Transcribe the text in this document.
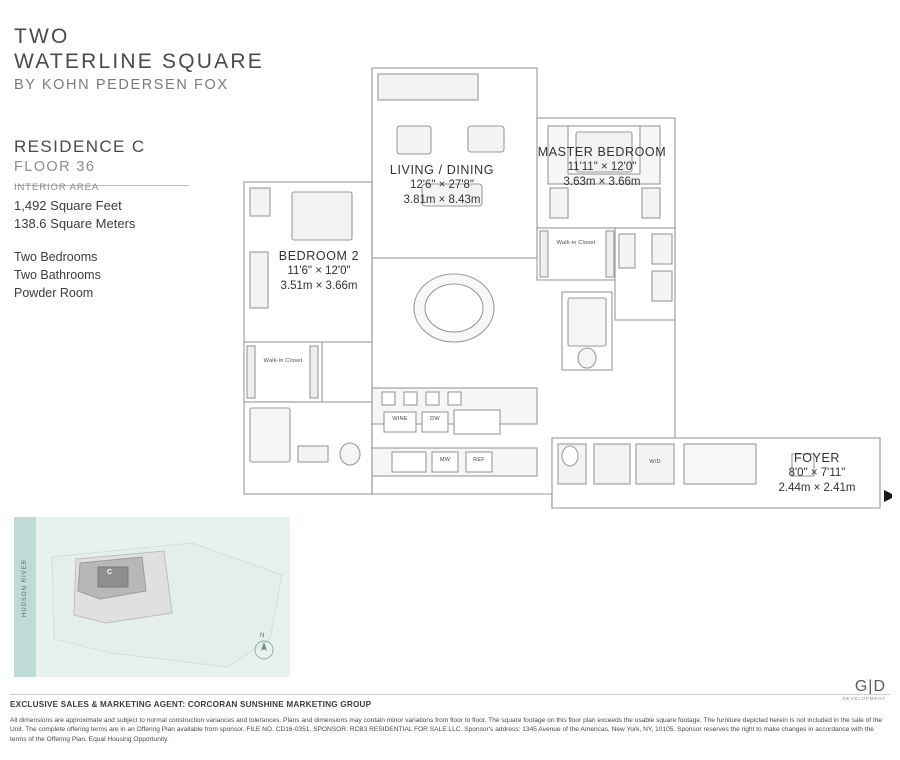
TWO
WATERLINE SQUARE
BY KOHN PEDERSEN FOX
RESIDENCE C
FLOOR 36
INTERIOR AREA
1,492 Square Feet
138.6 Square Meters
Two Bedrooms
Two Bathrooms
Powder Room
LIVING / DINING
12'6" × 27'8"
3.81m × 8.43m
MASTER BEDROOM
11'11" × 12'0"
3.63m × 3.66m
BEDROOM 2
11'6" × 12'0"
3.51m × 3.66m
FOYER
8'0" × 7'11"
2.44m × 2.41m
Walk-in Closet
Walk-in Closet
WINE	DW
MW	REF	W/D
HUDSON RIVER	C
N
G|D
DEVELOPMENT
EXCLUSIVE SALES & MARKETING AGENT: CORCORAN SUNSHINE MARKETING GROUP
All dimensions are approximate and subject to normal construction variances and tolerances. Plans and dimensions may contain minor variations from floor to floor. The square footage on this floor plan exceeds the usable square footage. The furniture depicted herein is not included in the sale of the Unit. The complete offering terms are in an Offering Plan available from sponsor. FILE NO. CD16-0351. SPONSOR: RCB3 RESIDENTIAL FOR SALE LLC. Sponsor's address: 1345 Avenue of the Americas, New York, NY, 10105. Sponsor reserves the right to make changes in accordance with the terms of the Offering Plan. Equal Housing Opportunity.
